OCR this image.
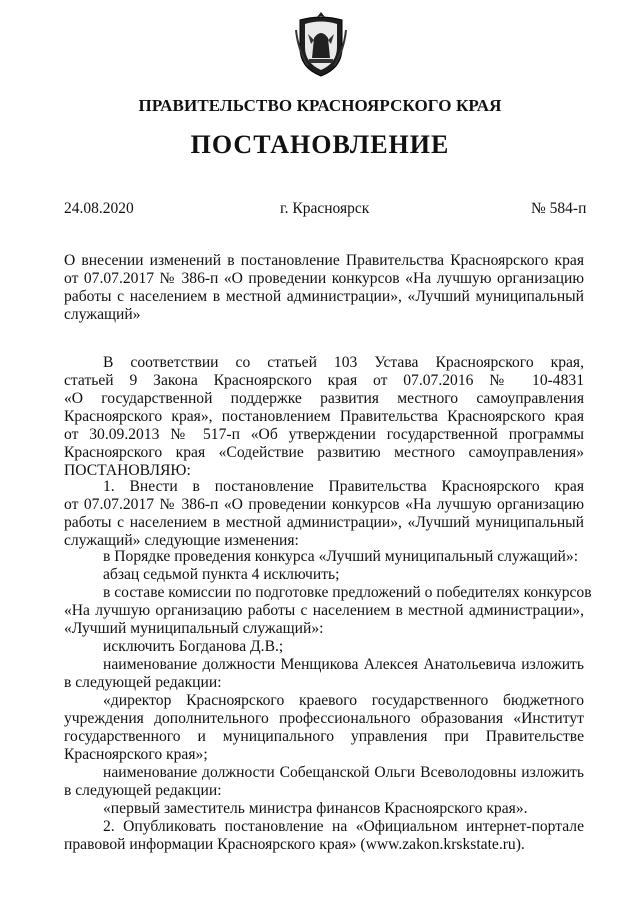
ПРАВИТЕЛЬСТВО КРАСНОЯРСКОГО КРАЯ
ПОСТАНОВЛЕНИЕ
24.08.2020	г. Красноярск	№ 584-п
О внесении изменений в постановление Правительства Красноярского края
от 07.07.2017 № 386-п «О проведении конкурсов «На лучшую организацию
работы с населением в местной администрации», «Лучший муниципальный
служащий»
В соответствии со статьей 103 Устава Красноярского края,
статьей 9 Закона Красноярского края от 07.07.2016 № 10-4831
«О государственной поддержке развития местного самоуправления
Красноярского края», постановлением Правительства Красноярского края
от 30.09.2013 № 517-п «Об утверждении государственной программы
Красноярского края «Содействие развитию местного самоуправления»
ПОСТАНОВЛЯЮ:
1. Внести в постановление Правительства Красноярского края
от 07.07.2017 № 386-п «О проведении конкурсов «На лучшую организацию
работы с населением в местной администрации», «Лучший муниципальный
служащий» следующие изменения:
в Порядке проведения конкурса «Лучший муниципальный служащий»:
абзац седьмой пункта 4 исключить;
в составе комиссии по подготовке предложений о победителях конкурсов
«На лучшую организацию работы с населением в местной администрации»,
«Лучший муниципальный служащий»:
исключить Богданова Д.В.;
наименование должности Менщикова Алексея Анатольевича изложить
в следующей редакции:
«директор Красноярского краевого государственного бюджетного
учреждения дополнительного профессионального образования «Институт
государственного и муниципального управления при Правительстве
Красноярского края»;
наименование должности Собещанской Ольги Всеволодовны изложить
в следующей редакции:
«первый заместитель министра финансов Красноярского края».
2. Опубликовать постановление на «Официальном интернет-портале
правовой информации Красноярского края» (www.zakon.krskstate.ru).
